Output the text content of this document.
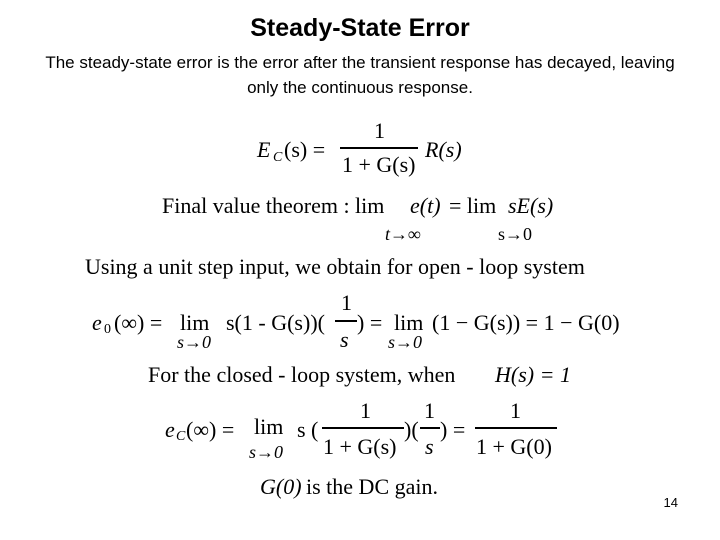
Steady-State Error
The steady-state error is the error after the transient response has decayed, leaving only the continuous response.
E C (s) =
1
1 + G(s)
R(s)
Final value theorem : lim e(t) = lim sE(s)
t→∞	s→0
Using a unit step input, we obtain for open - loop system
e 0 (∞) = lim
s→0
s(1 - G(s))(
1
s
) = lim
s→0
(1 − G(s)) = 1 − G(0)
For the closed - loop system, when H(s) = 1
e C (∞) = lim
s→0
s (
1
1 + G(s)
)(
1
s
) =
1
1 + G(0)
G(0) is the DC gain.
14
